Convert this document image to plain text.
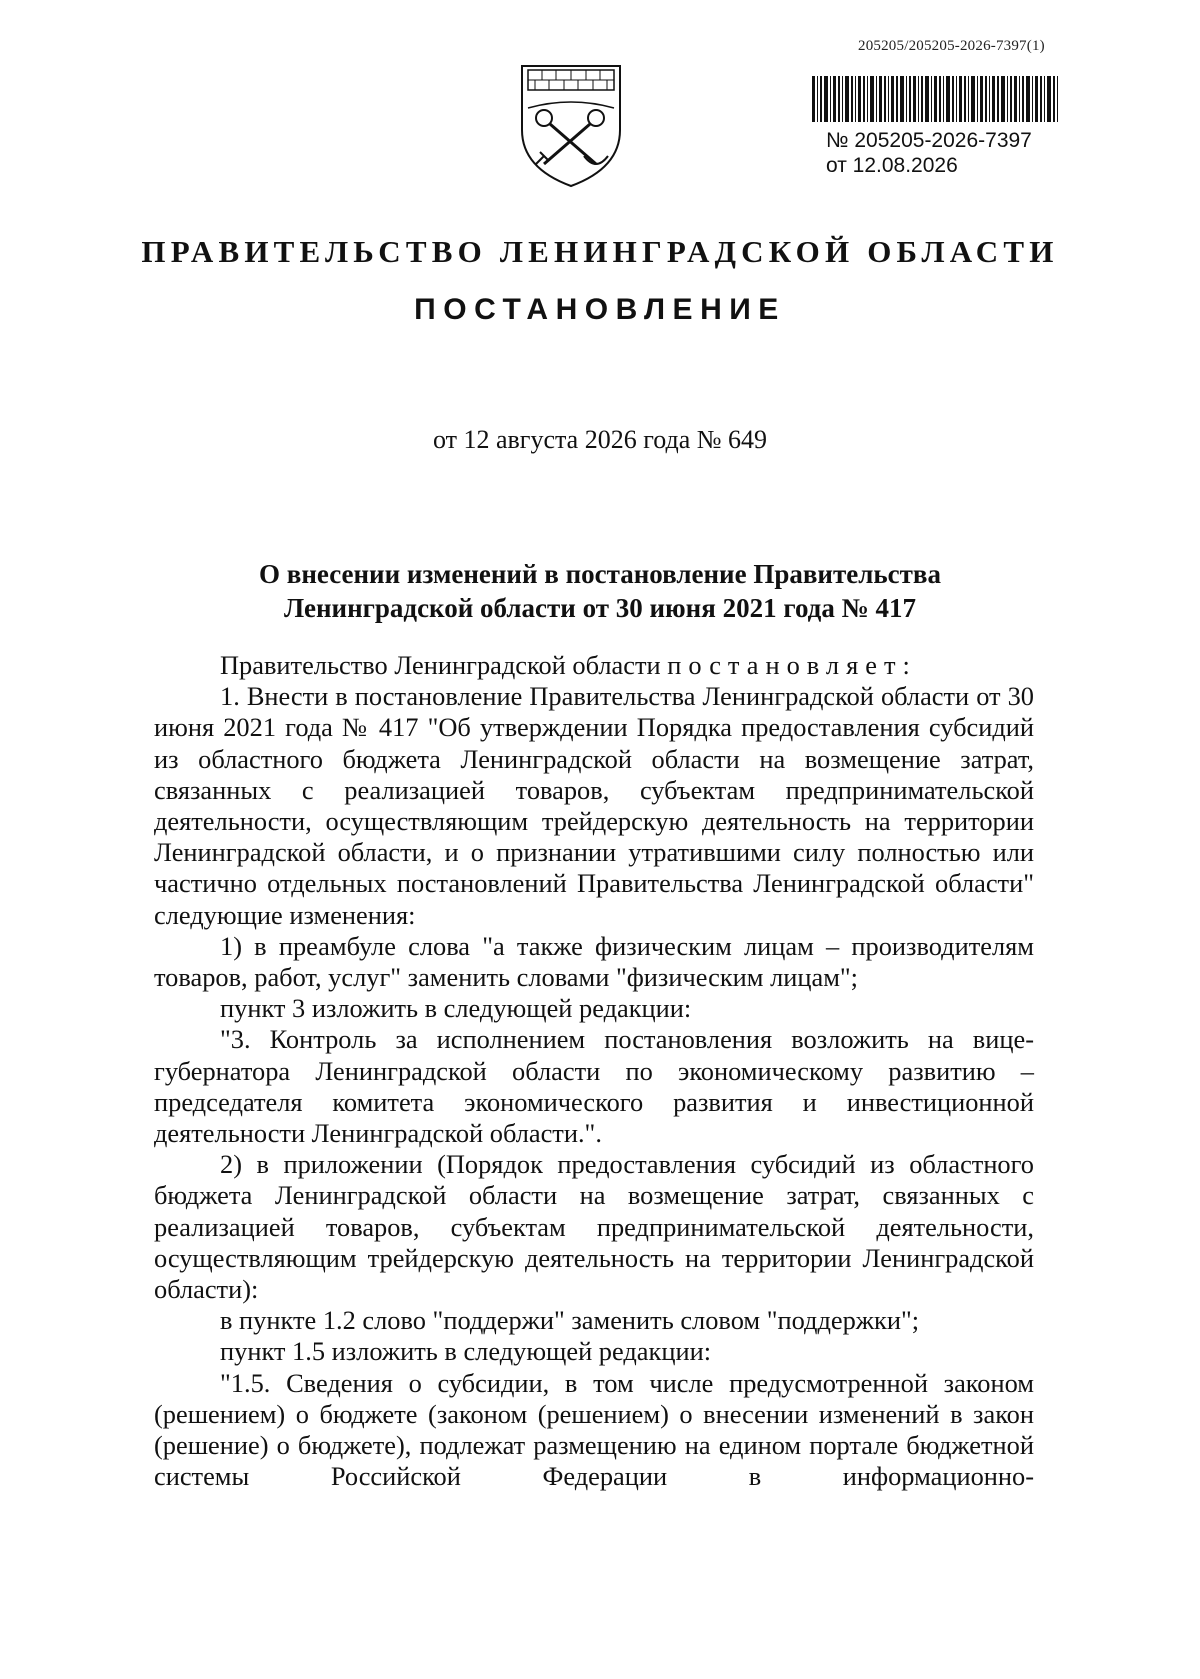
205205/205205-2026-7397(1)
№ 205205-2026-7397
от 12.08.2026
ПРАВИТЕЛЬСТВО ЛЕНИНГРАДСКОЙ ОБЛАСТИ
ПОСТАНОВЛЕНИЕ
от 12 августа 2026 года № 649
О внесении изменений в постановление Правительства
Ленинградской области от 30 июня 2021 года № 417

Правительство Ленинградской области постановляет:

1. Внести в постановление Правительства Ленинградской области от 30 июня 2021 года № 417 "Об утверждении Порядка предоставления субсидий из областного бюджета Ленинградской области на возмещение затрат, связанных с реализацией товаров, субъектам предпринимательской деятельности, осуществляющим трейдерскую деятельность на территории Ленинградской области, и о признании утратившими силу полностью или частично отдельных постановлений Правительства Ленинградской области" следующие изменения:

1) в преамбуле слова "а также физическим лицам – производителям товаров, работ, услуг" заменить словами "физическим лицам";

пункт 3 изложить в следующей редакции:

"3. Контроль за исполнением постановления возложить на вице-губернатора Ленинградской области по экономическому развитию – председателя комитета экономического развития и инвестиционной деятельности Ленинградской области.".

2) в приложении (Порядок предоставления субсидий из областного бюджета Ленинградской области на возмещение затрат, связанных с реализацией товаров, субъектам предпринимательской деятельности, осуществляющим трейдерскую деятельность на территории Ленинградской области):

в пункте 1.2 слово "поддержи" заменить словом "поддержки";

пункт 1.5 изложить в следующей редакции:

"1.5. Сведения о субсидии, в том числе предусмотренной законом (решением) о бюджете (законом (решением) о внесении изменений в закон (решение) о бюджете), подлежат размещению на едином портале бюджетной системы Российской Федерации в информационно-
